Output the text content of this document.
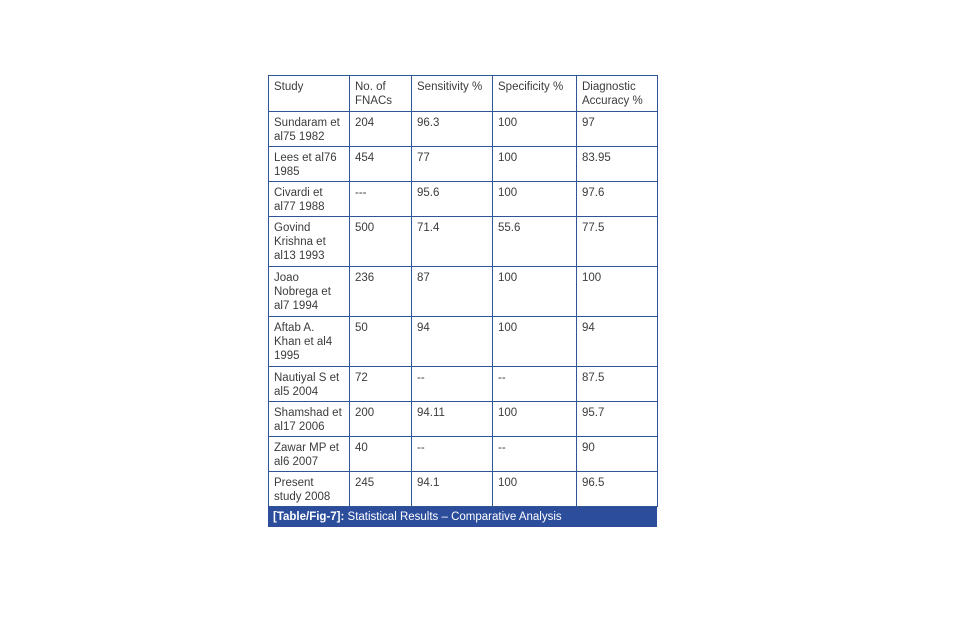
Study	No. of FNACs	Sensitivity %	Specificity %	Diagnostic Accuracy %
Sundaram et al75 1982	204	96.3	100	97
Lees et al76 1985	454	77	100	83.95
Civardi et al77 1988	---	95.6	100	97.6
Govind Krishna et al13 1993	500	71.4	55.6	77.5
Joao Nobrega et al7 1994	236	87	100	100
Aftab A. Khan et al4 1995	50	94	100	94
Nautiyal S et al5 2004	72	--	--	87.5
Shamshad et al17 2006	200	94.11	100	95.7
Zawar MP et al6 2007	40	--	--	90
Present study 2008	245	94.1	100	96.5
[Table/Fig-7]: Statistical Results – Comparative Analysis
